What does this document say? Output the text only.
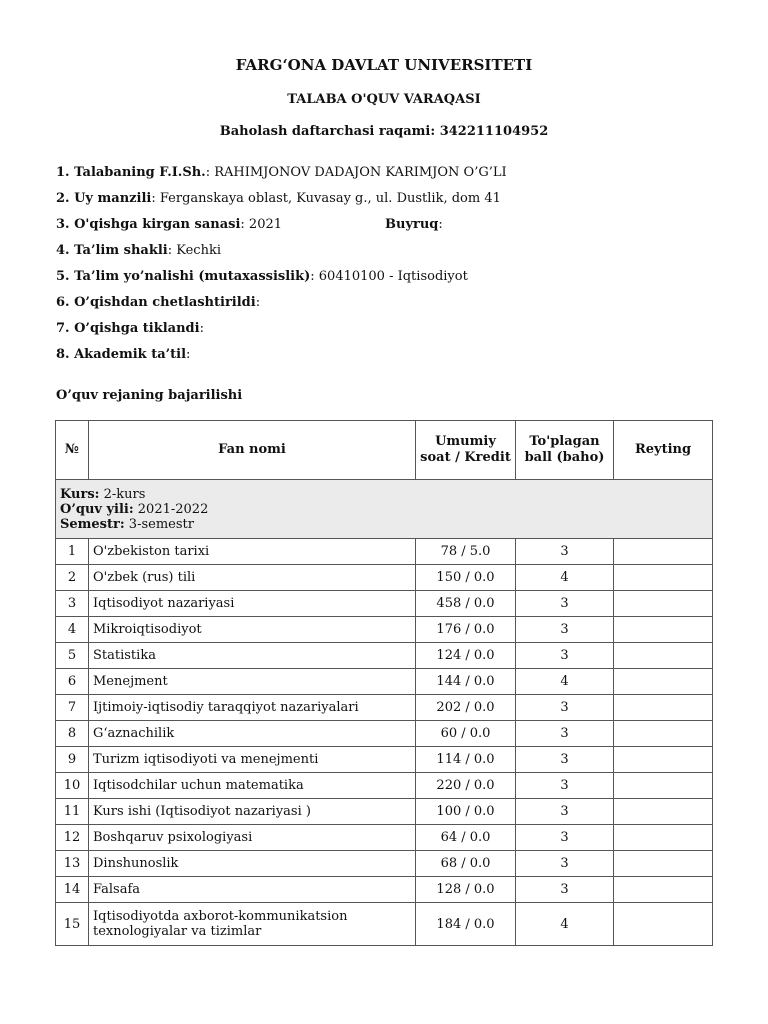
FARG‘ONA DAVLAT UNIVERSITETI
TALABA O'QUV VARAQASI
Baholash daftarchasi raqami: 342211104952
1. Talabaning F.I.Sh.: RAHIMJONOV DADAJON KARIMJON O’G’LI
2. Uy manzili: Ferganskaya oblast, Kuvasay g., ul. Dustlik, dom 41
3. O'qishga kirgan sanasi: 2021	Buyruq:
4. Ta’lim shakli: Kechki
5. Ta’lim yo’nalishi (mutaxassislik): 60410100 - Iqtisodiyot
6. O’qishdan chetlashtirildi:
7. O’qishga tiklandi:
8. Akademik ta’til:
O’quv rejaning bajarilishi
№	Fan nomi	Umumiy soat / Kredit	To'plagan ball (baho)	Reyting

Kurs: 2-kurs
O’quv yili: 2021-2022
Semestr: 3-semestr				

1	O'zbekiston tarixi	78 / 5.0	3	
2	O'zbek (rus) tili	150 / 0.0	4	
3	Iqtisodiyot nazariyasi	458 / 0.0	3	
4	Mikroiqtisodiyot	176 / 0.0	3	
5	Statistika	124 / 0.0	3	
6	Menejment	144 / 0.0	4	
7	Ijtimoiy-iqtisodiy taraqqiyot nazariyalari	202 / 0.0	3	
8	G‘aznachilik	60 / 0.0	3	
9	Turizm iqtisodiyoti va menejmenti	114 / 0.0	3	
10	Iqtisodchilar uchun matematika	220 / 0.0	3	
11	Kurs ishi (Iqtisodiyot nazariyasi )	100 / 0.0	3	
12	Boshqaruv psixologiyasi	64 / 0.0	3	
13	Dinshunoslik	68 / 0.0	3	
14	Falsafa	128 / 0.0	3	
15	Iqtisodiyotda axborot-kommunikatsion texnologiyalar va tizimlar	184 / 0.0	4	
